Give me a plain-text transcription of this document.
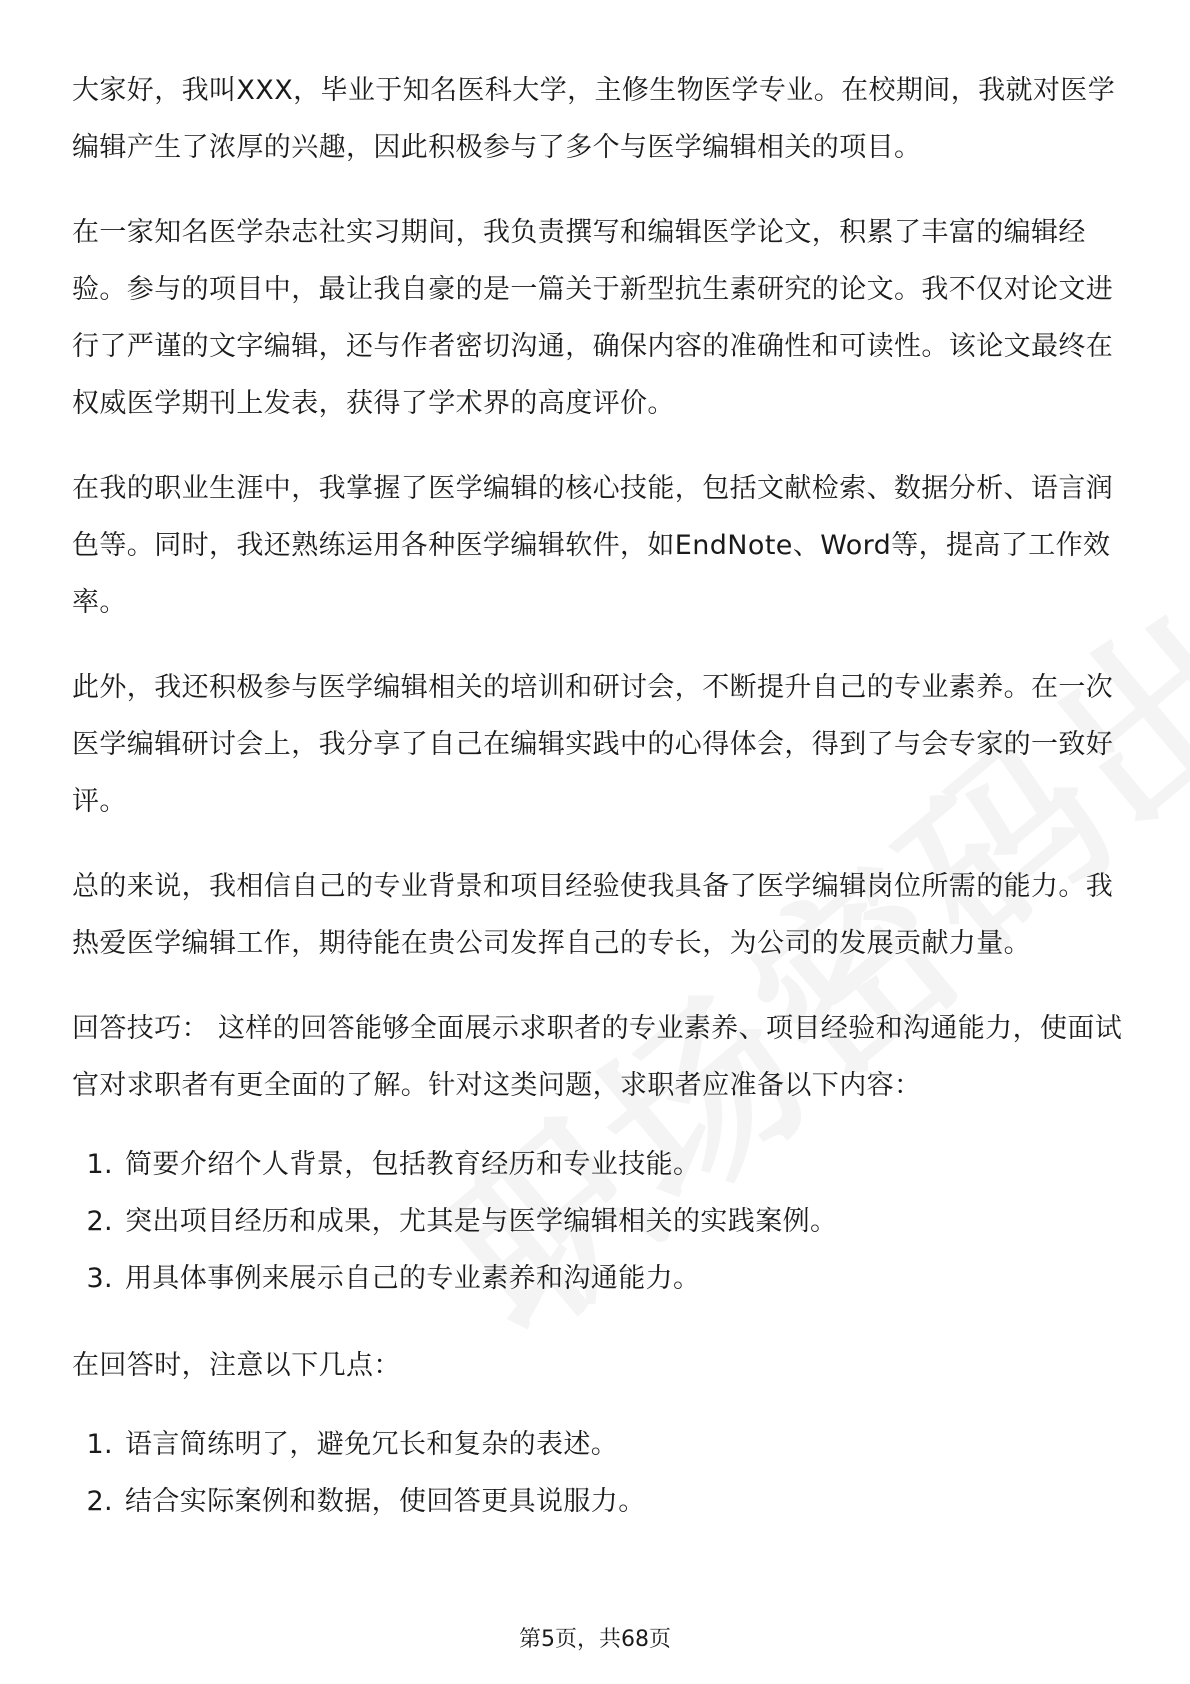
大家好，我叫XXX，毕业于知名医科大学，主修生物医学专业。在校期间，我就对医学编辑产生了浓厚的兴趣，因此积极参与了多个与医学编辑相关的项目。

在一家知名医学杂志社实习期间，我负责撰写和编辑医学论文，积累了丰富的编辑经验。参与的项目中，最让我自豪的是一篇关于新型抗生素研究的论文。我不仅对论文进行了严谨的文字编辑，还与作者密切沟通，确保内容的准确性和可读性。该论文最终在权威医学期刊上发表，获得了学术界的高度评价。

在我的职业生涯中，我掌握了医学编辑的核心技能，包括文献检索、数据分析、语言润色等。同时，我还熟练运用各种医学编辑软件，如EndNote、Word等，提高了工作效率。

此外，我还积极参与医学编辑相关的培训和研讨会，不断提升自己的专业素养。在一次医学编辑研讨会上，我分享了自己在编辑实践中的心得体会，得到了与会专家的一致好评。

总的来说，我相信自己的专业背景和项目经验使我具备了医学编辑岗位所需的能力。我热爱医学编辑工作，期待能在贵公司发挥自己的专长，为公司的发展贡献力量。

回答技巧： 这样的回答能够全面展示求职者的专业素养、项目经验和沟通能力，使面试官对求职者有更全面的了解。针对这类问题，求职者应准备以下内容：

1. 简要介绍个人背景，包括教育经历和专业技能。
2. 突出项目经历和成果，尤其是与医学编辑相关的实践案例。
3. 用具体事例来展示自己的专业素养和沟通能力。

在回答时，注意以下几点：

1. 语言简练明了，避免冗长和复杂的表述。
2. 结合实际案例和数据，使回答更具说服力。
第5页，共68页
